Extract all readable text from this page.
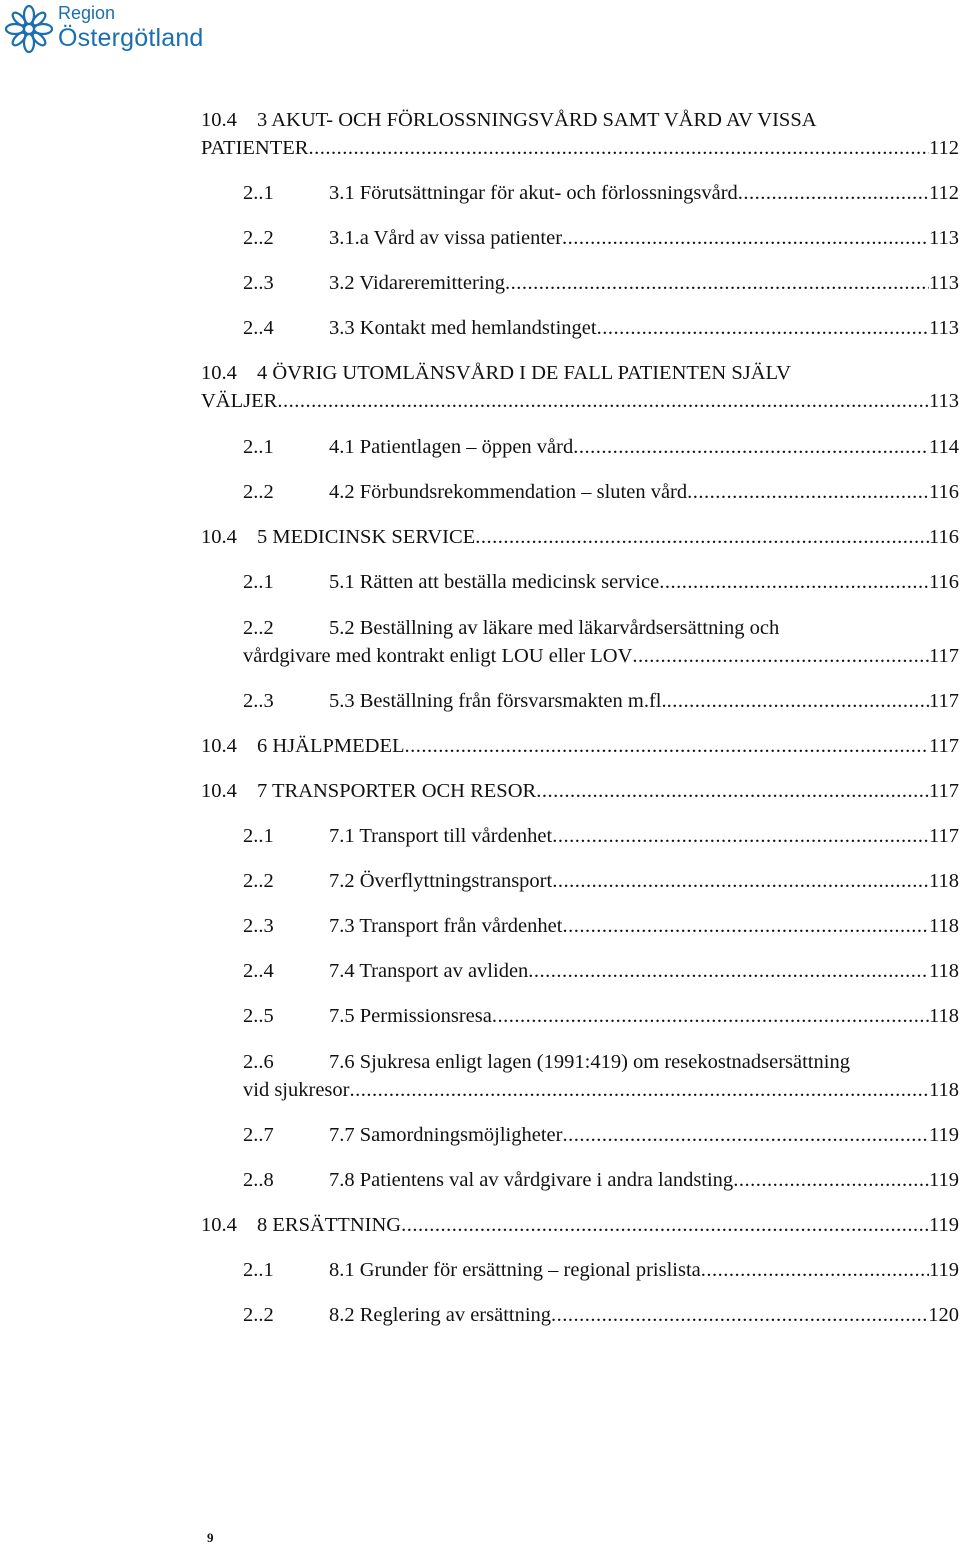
Region
Östergötland
10.4 3 AKUT- OCH FÖRLOSSNINGSVÅRD SAMT VÅRD AV VISSA
PATIENTER .....	112
2..1	3.1 Förutsättningar för akut- och förlossningsvård .....	112
2..2	3.1.a Vård av vissa patienter .....	113
2..3	3.2 Vidareremittering .....	113
2..4	3.3 Kontakt med hemlandstinget .....	113
10.4 4 ÖVRIG UTOMLÄNSVÅRD I DE FALL PATIENTEN SJÄLV
VÄLJER .....	113
2..1	4.1 Patientlagen – öppen vård .....	114
2..2	4.2 Förbundsrekommendation – sluten vård .....	116
10.4 5 MEDICINSK SERVICE .....	116
2..1	5.1 Rätten att beställa medicinsk service .....	116
2..2	5.2 Beställning av läkare med läkarvårdsersättning och
vårdgivare med kontrakt enligt LOU eller LOV .....	117
2..3	5.3 Beställning från försvarsmakten m.fl. .....	117
10.4 6 HJÄLPMEDEL .....	117
10.4 7 TRANSPORTER OCH RESOR .....	117
2..1	7.1 Transport till vårdenhet .....	117
2..2	7.2 Överflyttningstransport .....	118
2..3	7.3 Transport från vårdenhet .....	118
2..4	7.4 Transport av avliden .....	118
2..5	7.5 Permissionsresa .....	118
2..6	7.6 Sjukresa enligt lagen (1991:419) om resekostnadsersättning
vid sjukresor .....	118
2..7	7.7 Samordningsmöjligheter .....	119
2..8	7.8 Patientens val av vårdgivare i andra landsting .....	119
10.4 8 ERSÄTTNING .....	119
2..1	8.1 Grunder för ersättning – regional prislista .....	119
2..2	8.2 Reglering av ersättning .....	120
9
